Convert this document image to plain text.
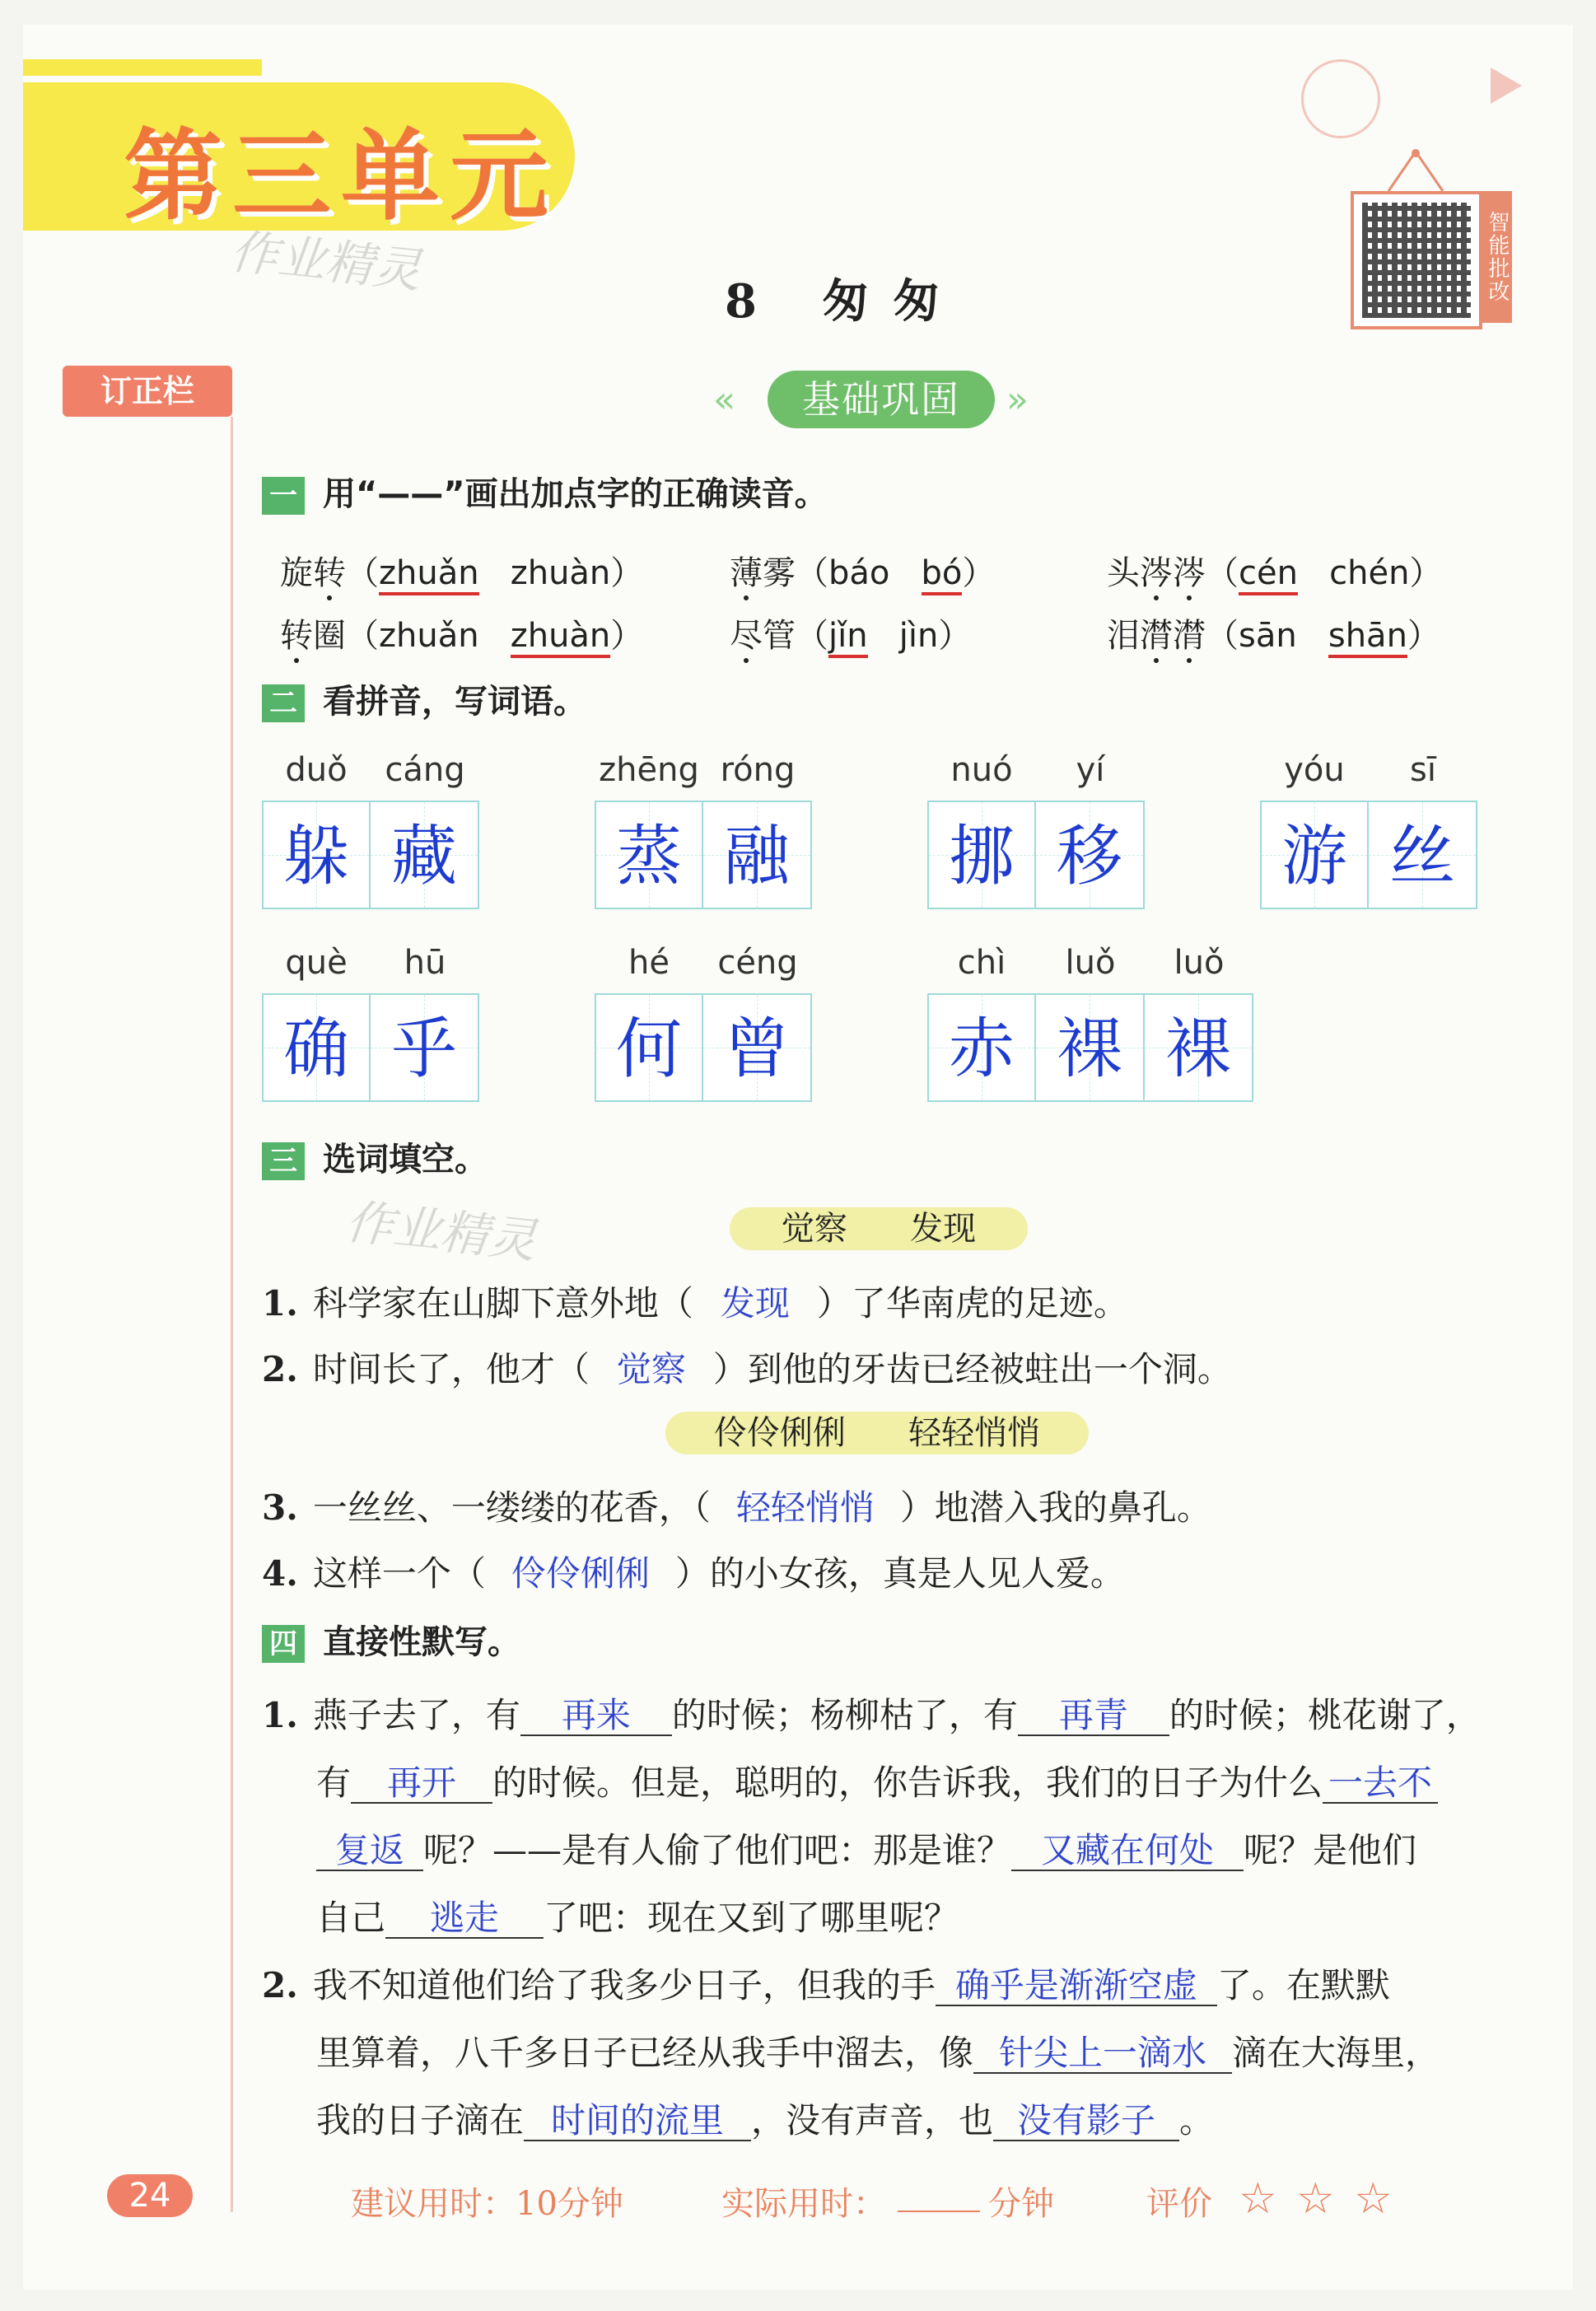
第三单元
作业精灵	智能批改
8 匆匆
订正栏	«	基础巩固	»
一 用“——”画出加点字的正确读音。
旋转（zhuǎn zhuàn）	薄雾（báo bó）	头涔涔（cén chén）
转圈（zhuǎn zhuàn）	尽管（jǐn jìn）	泪潸潸（sān shān）
二 看拼音，写词语。
duǒ cáng
躲 藏
zhēng róng
蒸 融
nuó yí
挪 移
yóu sī
游 丝
què hū
确 乎
hé céng
何 曾
chì luǒ luǒ
赤 裸 裸
三 选词填空。
作业精灵	觉察      发现
1. 科学家在山脚下意外地（ 发现 ）了华南虎的足迹。
2. 时间长了，他才（ 觉察 ）到他的牙齿已经被蛀出一个洞。
伶伶俐俐      轻轻悄悄
3. 一丝丝、一缕缕的花香，（ 轻轻悄悄 ）地潜入我的鼻孔。
4. 这样一个（ 伶伶俐俐 ）的小女孩，真是人见人爱。
四 直接性默写。
1. 燕子去了，有 再来 的时候；杨柳枯了，有 再青 的时候；桃花谢了，
有 再开 的时候。但是，聪明的，你告诉我，我们的日子为什么 一去不
复返 呢？——是有人偷了他们吧：那是谁？ 又藏在何处 呢？是他们
自己 逃走 了吧：现在又到了哪里呢？
2. 我不知道他们给了我多少日子，但我的手 确乎是渐渐空虚 了。在默默
里算着，八千多日子已经从我手中溜去，像 针尖上一滴水 滴在大海里，
我的日子滴在 时间的流里 ，没有声音，也 没有影子 。
24	建议用时：10分钟	实际用时：	分钟	评价 ☆ ☆ ☆
